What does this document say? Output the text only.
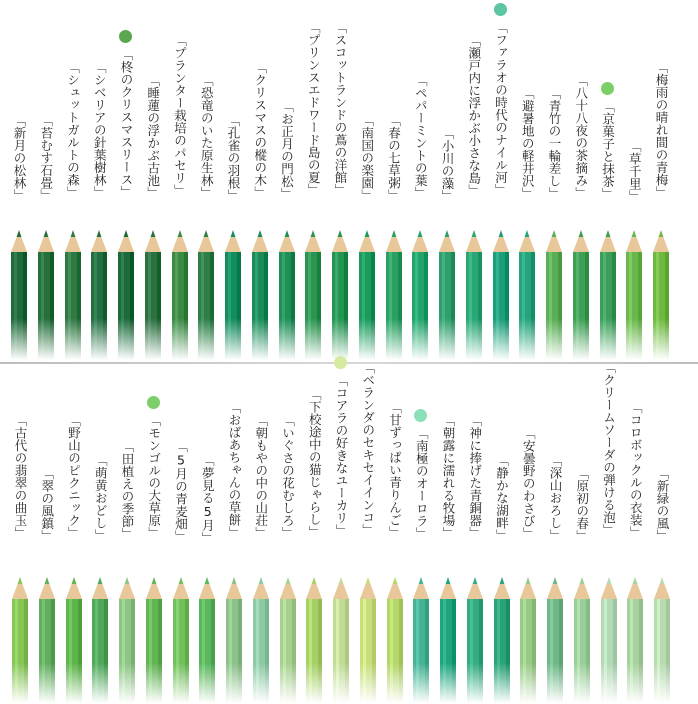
「新月の松林」 「苔むす石畳」 「シュットガルトの森」 「シベリアの針葉樹林」 「柊のクリスマスリース」 「睡蓮の浮かぶ古池」 「プランター栽培のパセリ」 「恐竜のいた原生林」 「孔雀の羽根」 「クリスマスの樅の木」 「お正月の門松」 「プリンスエドワード島の夏」 「スコットランドの蔦の洋館」 「南国の楽園」 「春の七草粥」 「ペパーミントの葉」 「小川の藻」 「瀬戸内に浮かぶ小さな島」 「ファラオの時代のナイル河」 「避暑地の軽井沢」 「青竹の一輪差し」 「八十八夜の茶摘み」 「京菓子と抹茶」 「草千里」 「梅雨の晴れ間の青梅」
「古代の翡翠の曲玉」 「翠の風鎮」 「野山のピクニック」 「萌黄おどし」 「田植えの季節」 「モンゴルの大草原」 「5月の青麦畑」 「夢見る5月」 「おばあちゃんの草餅」 「朝もやの中の山荘」 「いぐさの花むしろ」 「下校途中の猫じゃらし」 「コアラの好きなユーカリ」 「ベランダのセキセイインコ」 「甘ずっぱい青りんご」 「南極のオーロラ」 「朝露に濡れる牧場」 「神に捧げた青銅器」 「静かな湖畔」 「安曇野のわさび」 「深山おろし」 「原初の春」 「クリームソーダの弾ける泡」 「コロボックルの衣装」 「新緑の風」
